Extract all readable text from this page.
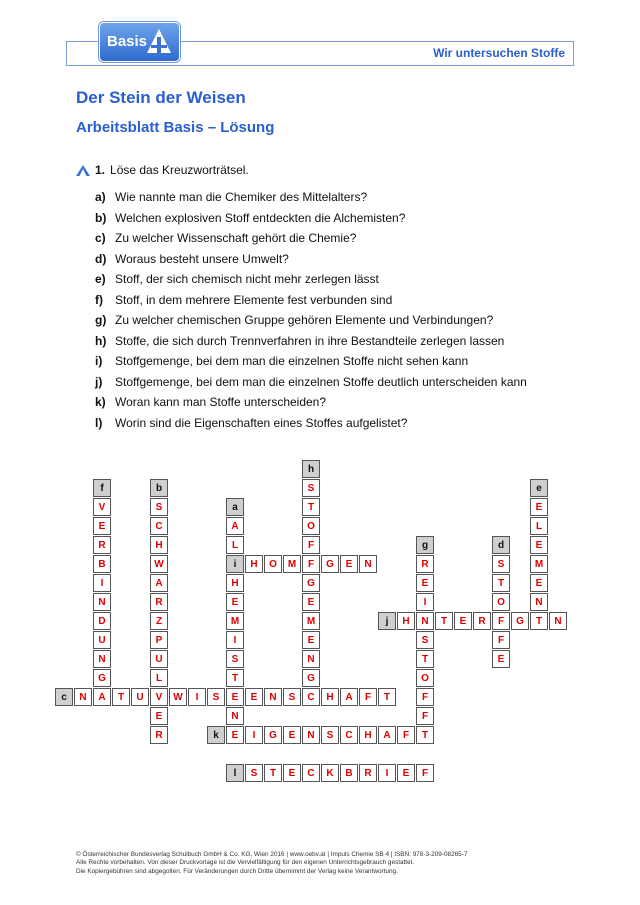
Basis
Wir untersuchen Stoffe
Der Stein der Weisen
Arbeitsblatt Basis – Lösung
1. Löse das Kreuzworträtsel.
a) Wie nannte man die Chemiker des Mittelalters?
b) Welchen explosiven Stoff entdeckten die Alchemisten?
c) Zu welcher Wissenschaft gehört die Chemie?
d) Woraus besteht unsere Umwelt?
e) Stoff, der sich chemisch nicht mehr zerlegen lässt
f)	Stoff, in dem mehrere Elemente fest verbunden sind
g) Zu welcher chemischen Gruppe gehören Elemente und Verbindungen?
h) Stoffe, die sich durch Trennverfahren in ihre Bestandteile zerlegen lassen
i)	Stoffgemenge, bei dem man die einzelnen Stoffe nicht sehen kann
j)	Stoffgemenge, bei dem man die einzelnen Stoffe deutlich unterscheiden kann
k) Woran kann man Stoffe unterscheiden?
l)	Worin sind die Eigenschaften eines Stoffes aufgelistet?
a
b
c
d
e
f
g
h
i
j
k
l
A
L
H
E
M
I
S
T
E
N
S
C
H
W
A
R
Z
P
U
L
V
E
R
N	A	T	U	W	I	S	E	N	S	C	H	A	F	T
S
T
O
F
F
E
E
L
E
M
E
N
T
V
E
R
B
I
N
D
U
N
G
R
E
I
N
S
T
O
F
F
S
T
O
F
F
G
E
M
E
N
G
H	O	M	G	E	N
H	T	E	R	G	N
E	I	G	E	N	S	C	H	A	F	T
S	T	E	C	K	B	R	I	E	F
© Österreichischer Bundesverlag Schulbuch GmbH & Co. KG, Wien 2016 | www.oebv.at | Impuls Chemie SB 4 | ISBN: 978-3-209-08265-7
Alle Rechte vorbehalten. Von dieser Druckvorlage ist die Vervielfältigung für den eigenen Unterrichtsgebrauch gestattet.
Die Kopiergebühren sind abgegolten. Für Veränderungen durch Dritte übernimmt der Verlag keine Verantwortung.
